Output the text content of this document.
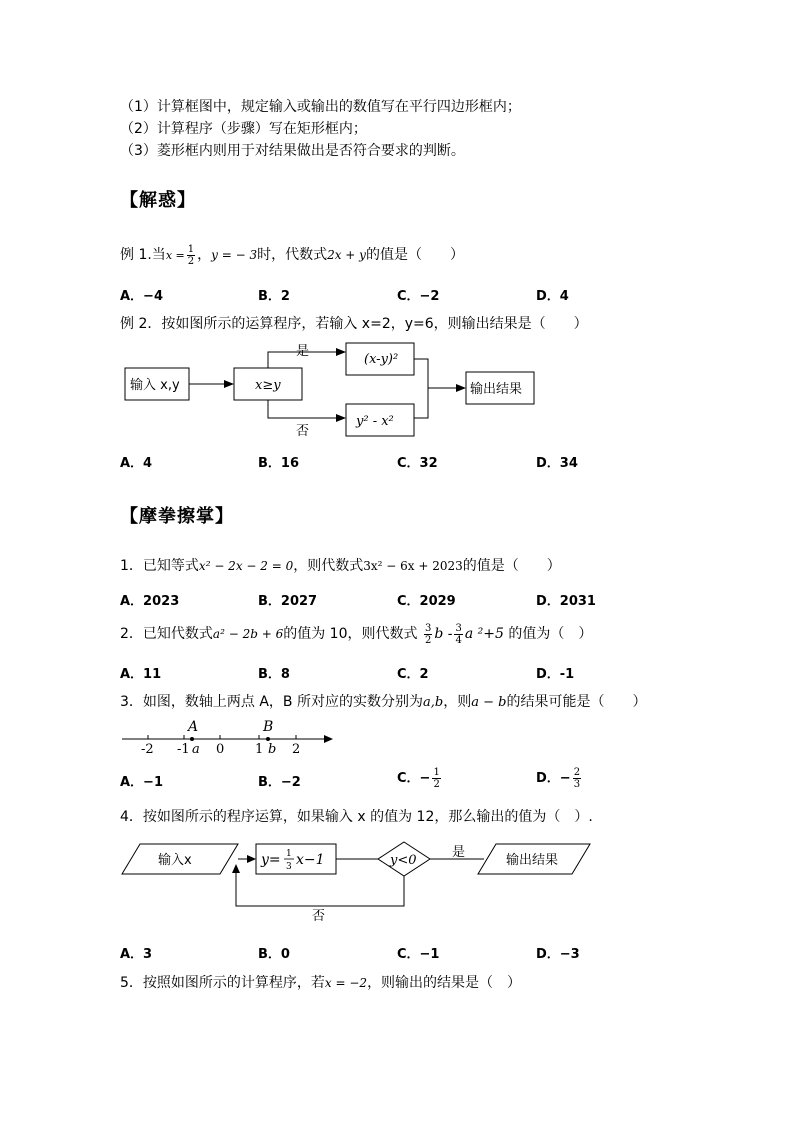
（1）计算框图中，规定输入或输出的数值写在平行四边形框内；
（2）计算程序（步骤）写在矩形框内；
（3）菱形框内则用于对结果做出是否符合要求的判断。
【解惑】
例 1.当$x = \frac{1}{2}$ ，y = − 3时，代数式2x + y的值是（　　）
A．−4	B．2	C．−2	D．4
例 2．按如图所示的运算程序，若输入 x=2，y=6，则输出结果是（　　）
输入 x,y	x≥y
是
否
(x-y)²
y² - x²
输出结果
A．4	B．16	C．32	D．34
【摩拳擦掌】
1．已知等式x² − 2x − 2 = 0，则代数式3x² − 6x + 2023的值是（　　）
A．2023	B．2027	C．2029	D．2031
2．已知代数式a² − 2b + 6的值为 10，则代数式 $\frac{3}{2}$ b - $\frac{3}{4}$ a ²+5 的值为（　）
A．11	B．8	C．2	D．-1
3．如图，数轴上两点 A，B 所对应的实数分别为a,b，则a − b的结果可能是（　　）
-2 -1 0 1 2
A	B
a	b
A．−1	B．−2	C．− $\frac{1}{2}$	D．− $\frac{2}{3}$
4．按如图所示的程序运算，如果输入 x 的值为 12，那么输出的值为（　）.
输入x	y= 1
3 x−1	y<0
是
否
输出结果
A．3	B．0	C．−1	D．−3
5．按照如图所示的计算程序，若x = −2，则输出的结果是（　）
